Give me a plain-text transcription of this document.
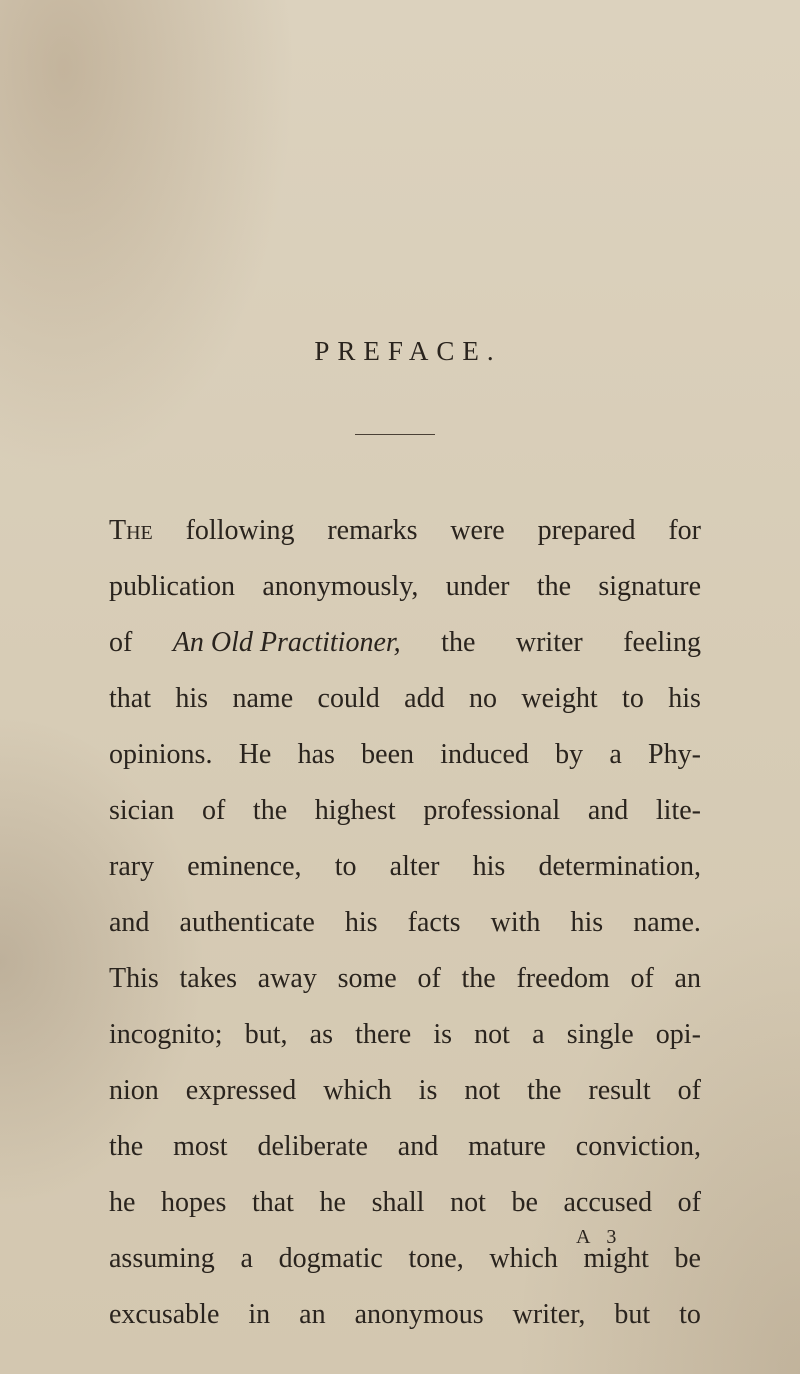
PREFACE.
The following remarks were prepared for
publication anonymously, under the signature
of An Old Practitioner, the writer feeling
that his name could add no weight to his
opinions. He has been induced by a Phy-
sician of the highest professional and lite-
rary eminence, to alter his determination,
and authenticate his facts with his name.
This takes away some of the freedom of an
incognito; but, as there is not a single opi-
nion expressed which is not the result of
the most deliberate and mature conviction,
he hopes that he shall not be accused of
assuming a dogmatic tone, which might be
excusable in an anonymous writer, but to
A 3
